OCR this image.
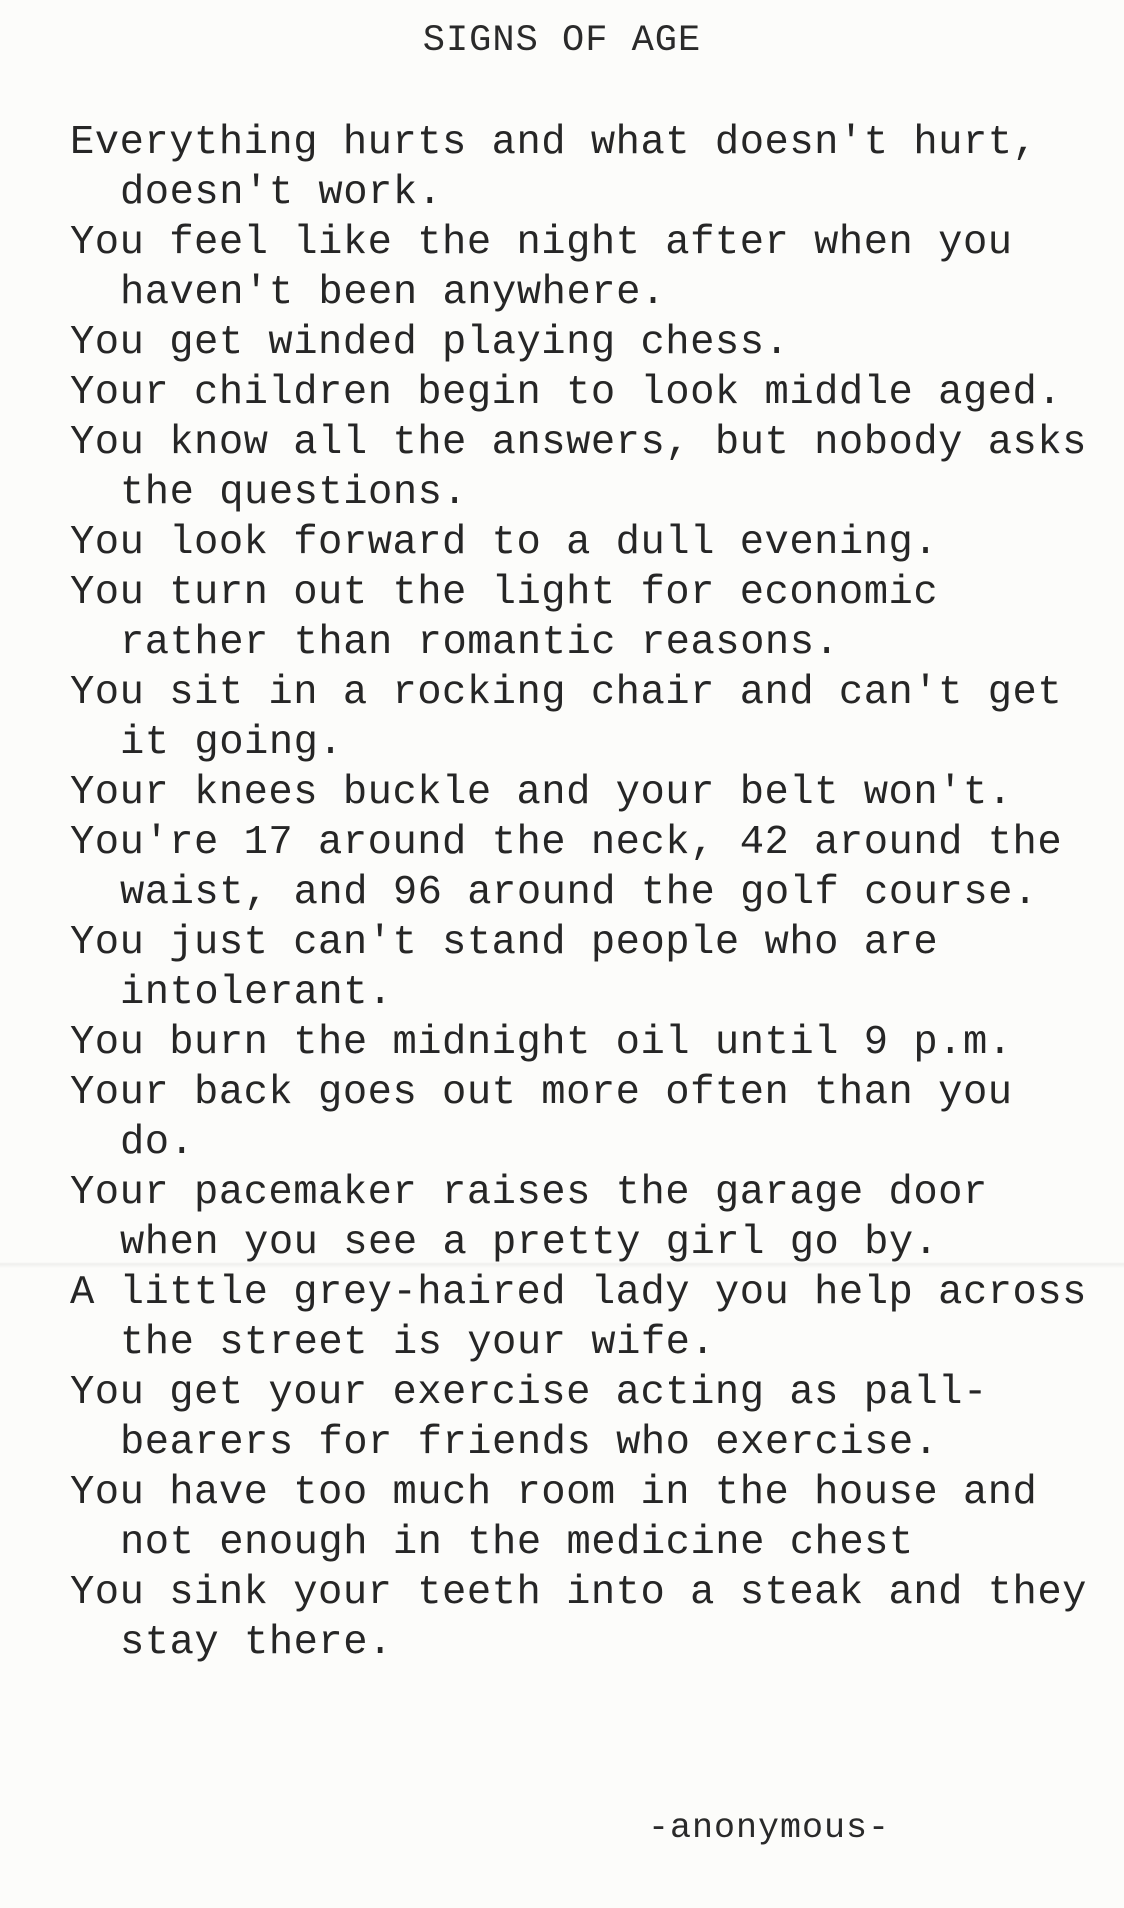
SIGNS OF AGE
Everything hurts and what doesn't hurt, doesn't work.
You feel like the night after when you haven't been anywhere.
You get winded playing chess.
Your children begin to look middle aged.
You know all the answers, but nobody asks the questions.
You look forward to a dull evening.
You turn out the light for economic rather than romantic reasons.
You sit in a rocking chair and can't get it going.
Your knees buckle and your belt won't.
You're 17 around the neck, 42 around the waist, and 96 around the golf course.
You just can't stand people who are intolerant.
You burn the midnight oil until 9 p.m.
Your back goes out more often than you do.
Your pacemaker raises the garage door when you see a pretty girl go by.
A little grey-haired lady you help across the street is your wife.
You get your exercise acting as pall-bearers for friends who exercise.
You have too much room in the house and not enough in the medicine chest
You sink your teeth into a steak and they stay there.

-anonymous-
